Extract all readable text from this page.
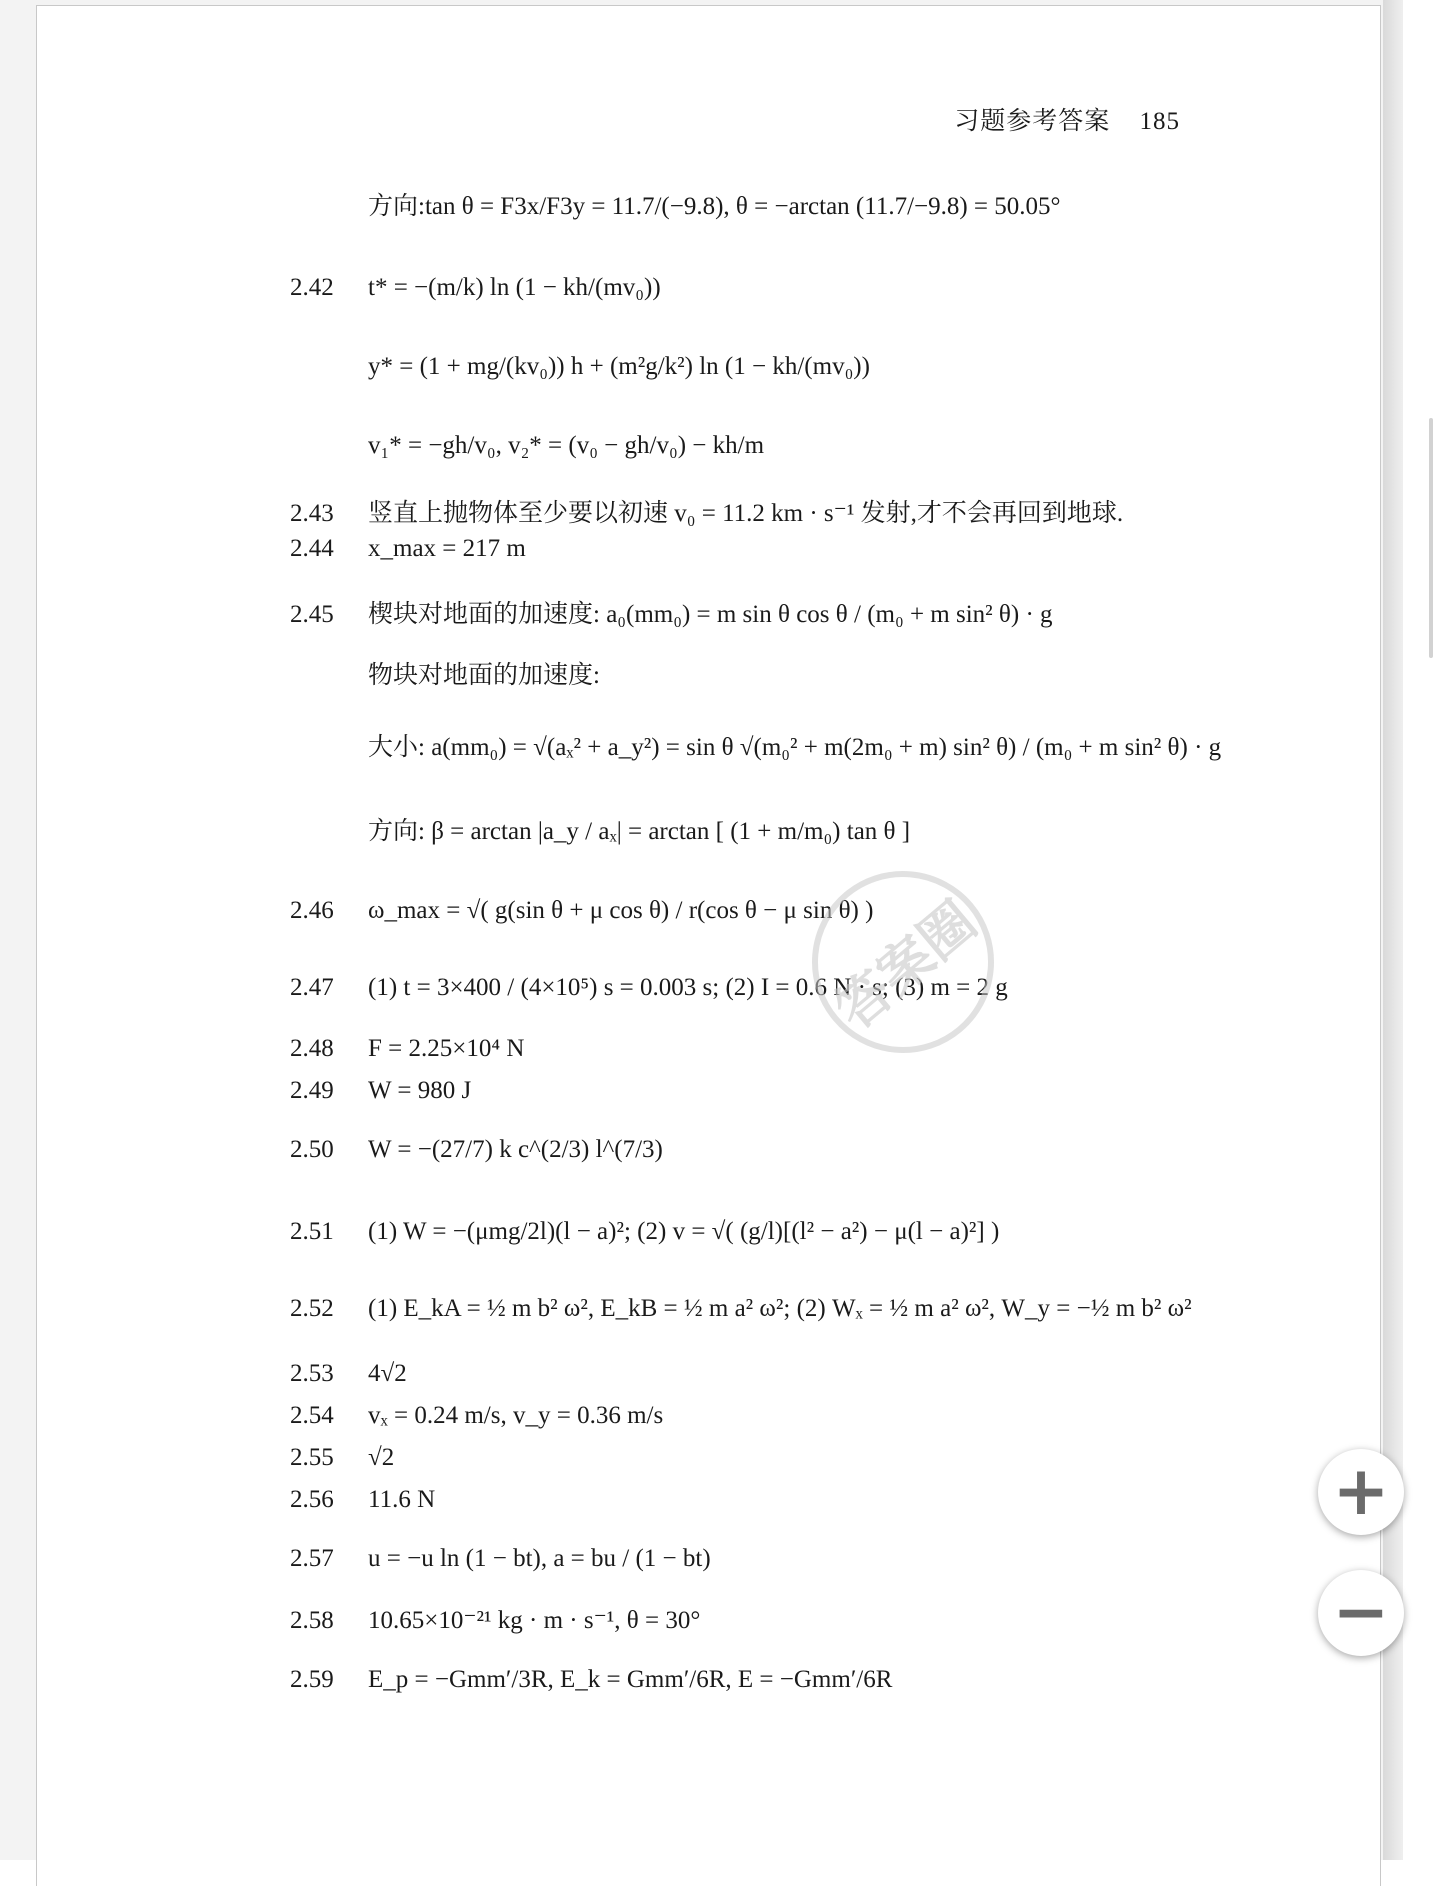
习题参考答案 185
方向:tan θ = F3x/F3y = 11.7/(−9.8), θ = −arctan (11.7/−9.8) = 50.05°
2.42 t* = −(m/k) ln (1 − kh/(mv₀))
y* = (1 + mg/(kv₀)) h + (m²g/k²) ln (1 − kh/(mv₀))
v₁* = −gh/v₀, v₂* = (v₀ − gh/v₀) − kh/m
2.43 竖直上抛物体至少要以初速 v₀ = 11.2 km · s⁻¹ 发射,才不会再回到地球.
2.44 x_max = 217 m
2.45 楔块对地面的加速度: a₀(mm₀) = m sin θ cos θ / (m₀ + m sin² θ) · g
物块对地面的加速度:
大小: a(mm₀) = √(aₓ² + a_y²) = sin θ √(m₀² + m(2m₀ + m) sin² θ) / (m₀ + m sin² θ) · g
方向: β = arctan |a_y / aₓ| = arctan [ (1 + m/m₀) tan θ ]
2.46 ω_max = √( g(sin θ + μ cos θ) / r(cos θ − μ sin θ) )
2.47 (1) t = 3×400 / (4×10⁵) s = 0.003 s; (2) I = 0.6 N · s; (3) m = 2 g
2.48 F = 2.25×10⁴ N
2.49 W = 980 J
2.50 W = −(27/7) k c^(2/3) l^(7/3)
2.51 (1) W = −(μmg/2l)(l − a)²; (2) v = √( (g/l)[(l² − a²) − μ(l − a)²] )
2.52 (1) E_kA = ½ m b² ω², E_kB = ½ m a² ω²; (2) Wₓ = ½ m a² ω², W_y = −½ m b² ω²
2.53 4√2
2.54 vₓ = 0.24 m/s, v_y = 0.36 m/s
2.55 √2
2.56 11.6 N
2.57 u = −u ln (1 − bt), a = bu / (1 − bt)
2.58 10.65×10⁻²¹ kg · m · s⁻¹, θ = 30°
2.59 E_p = −Gmm′/3R, E_k = Gmm′/6R, E = −Gmm′/6R
答案圈
+
−
